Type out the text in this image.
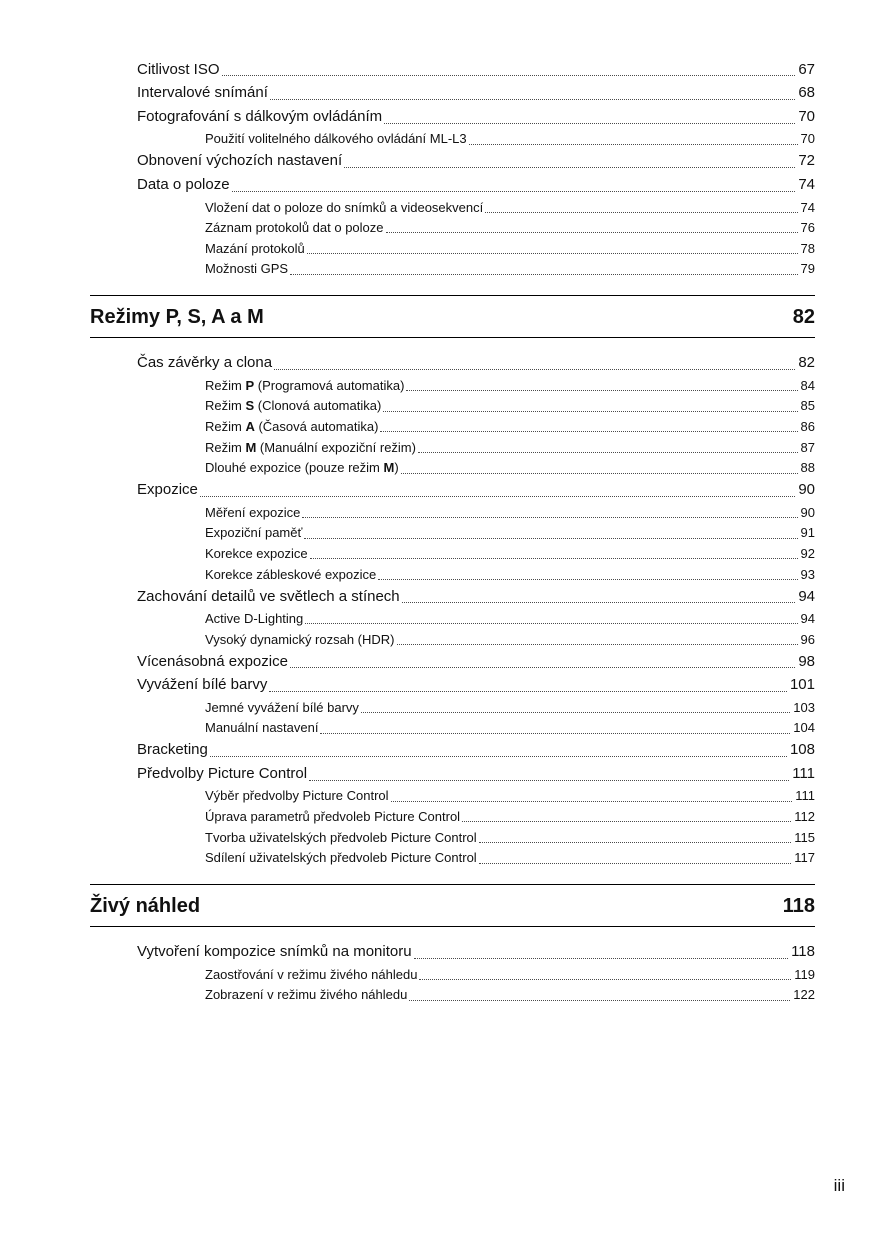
Citlivost ISO	67
Intervalové snímání	68
Fotografování s dálkovým ovládáním	70
Použití volitelného dálkového ovládání ML-L3	70
Obnovení výchozích nastavení	72
Data o poloze	74
Vložení dat o poloze do snímků a videosekvencí	74
Záznam protokolů dat o poloze	76
Mazání protokolů	78
Možnosti GPS	79
Režimy P, S, A a M	82
Čas závěrky a clona	82
Režim P (Programová automatika)	84
Režim S (Clonová automatika)	85
Režim A (Časová automatika)	86
Režim M (Manuální expoziční režim)	87
Dlouhé expozice (pouze režim M)	88
Expozice	90
Měření expozice	90
Expoziční paměť	91
Korekce expozice	92
Korekce zábleskové expozice	93
Zachování detailů ve světlech a stínech	94
Active D-Lighting	94
Vysoký dynamický rozsah (HDR)	96
Vícenásobná expozice	98
Vyvážení bílé barvy	101
Jemné vyvážení bílé barvy	103
Manuální nastavení	104
Bracketing	108
Předvolby Picture Control	111
Výběr předvolby Picture Control	111
Úprava parametrů předvoleb Picture Control	112
Tvorba uživatelských předvoleb Picture Control	115
Sdílení uživatelských předvoleb Picture Control	117
Živý náhled	118
Vytvoření kompozice snímků na monitoru	118
Zaostřování v režimu živého náhledu	119
Zobrazení v režimu živého náhledu	122
iii
